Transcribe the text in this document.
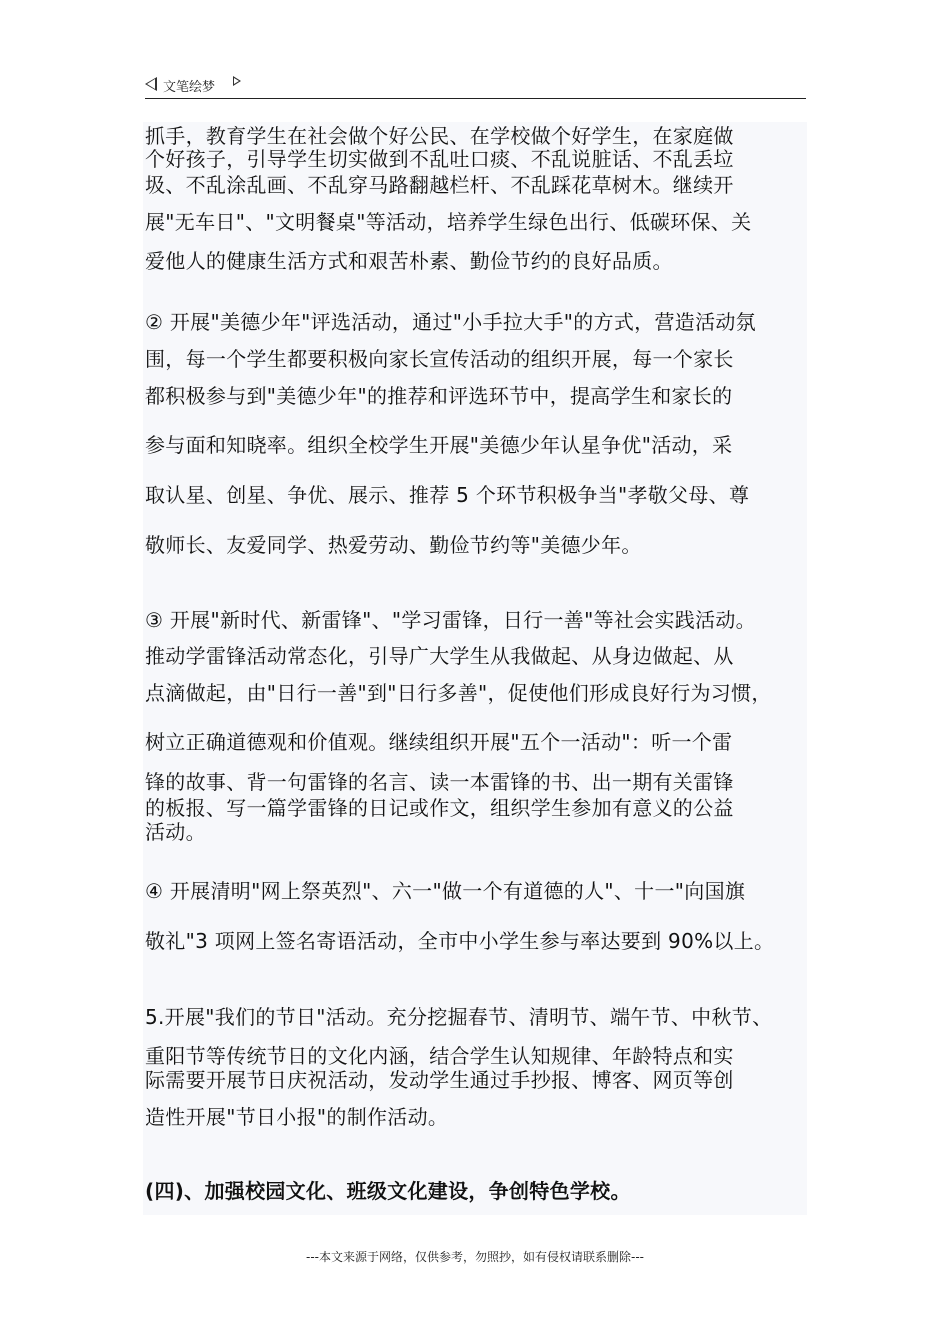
文笔绘梦
抓手，教育学生在社会做个好公民、在学校做个好学生，在家庭做
个好孩子，引导学生切实做到不乱吐口痰、不乱说脏话、不乱丢垃
圾、不乱涂乱画、不乱穿马路翻越栏杆、不乱踩花草树木。继续开
展"无车日"、"文明餐桌"等活动，培养学生绿色出行、低碳环保、关
爱他人的健康生活方式和艰苦朴素、勤俭节约的良好品质。
② 开展"美德少年"评选活动，通过"小手拉大手"的方式，营造活动氛
围，每一个学生都要积极向家长宣传活动的组织开展，每一个家长
都积极参与到"美德少年"的推荐和评选环节中，提高学生和家长的
参与面和知晓率。组织全校学生开展"美德少年认星争优"活动，采
取认星、创星、争优、展示、推荐 5 个环节积极争当"孝敬父母、尊
敬师长、友爱同学、热爱劳动、勤俭节约等"美德少年。
③ 开展"新时代、新雷锋"、"学习雷锋，日行一善"等社会实践活动。
推动学雷锋活动常态化，引导广大学生从我做起、从身边做起、从
点滴做起，由"日行一善"到"日行多善"，促使他们形成良好行为习惯，
树立正确道德观和价值观。继续组织开展"五个一活动"：听一个雷
锋的故事、背一句雷锋的名言、读一本雷锋的书、出一期有关雷锋
的板报、写一篇学雷锋的日记或作文，组织学生参加有意义的公益
活动。
④ 开展清明"网上祭英烈"、六一"做一个有道德的人"、十一"向国旗
敬礼"3 项网上签名寄语活动，全市中小学生参与率达要到 90%以上。
5.开展"我们的节日"活动。充分挖掘春节、清明节、端午节、中秋节、
重阳节等传统节日的文化内涵，结合学生认知规律、年龄特点和实
际需要开展节日庆祝活动，发动学生通过手抄报、博客、网页等创
造性开展"节日小报"的制作活动。
(四)、加强校园文化、班级文化建设，争创特色学校。
---本文来源于网络，仅供参考，勿照抄，如有侵权请联系删除---
